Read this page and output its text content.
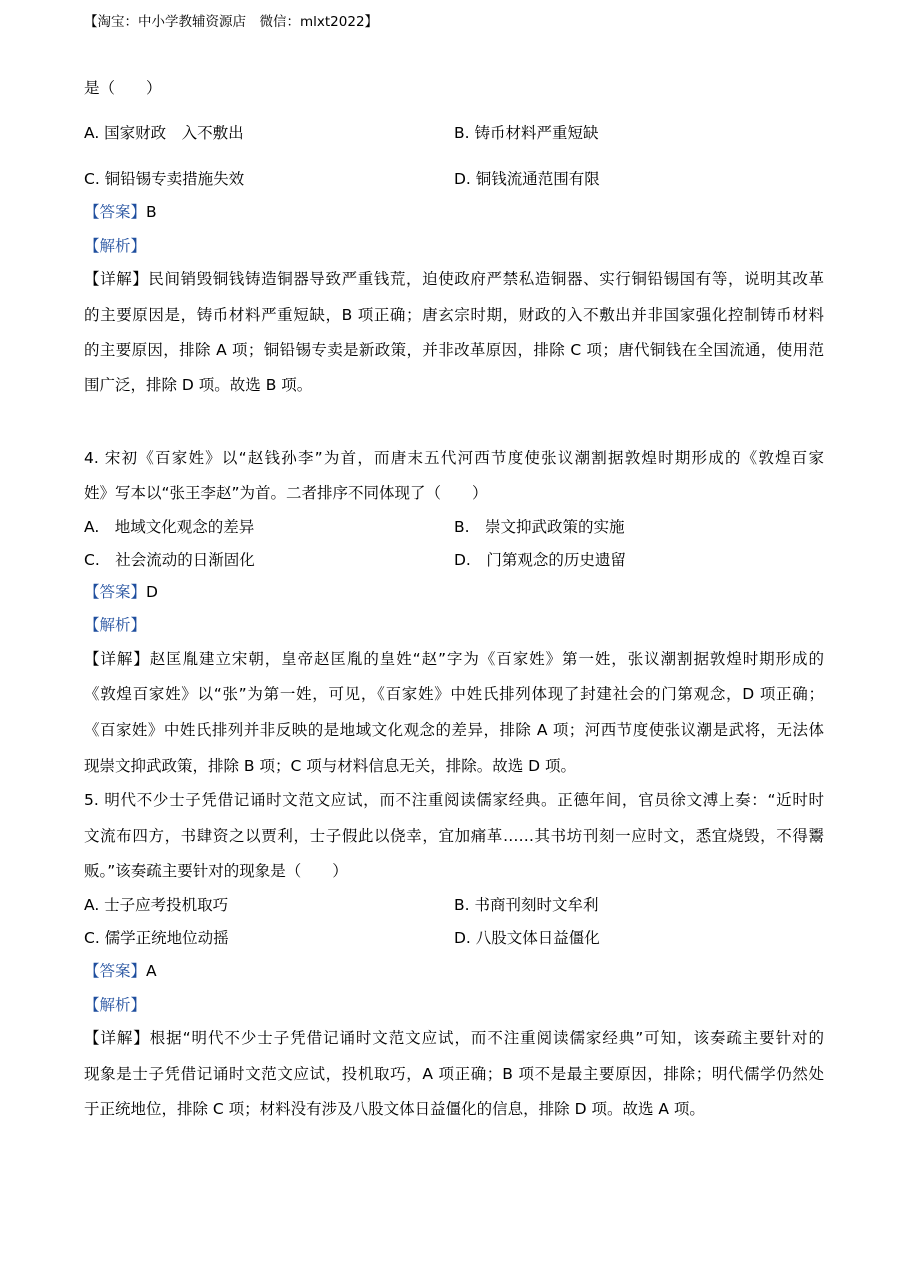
【淘宝：中小学教辅资源店　微信：mlxt2022】
是（　　）
A. 国家财政　入不敷出	B. 铸币材料严重短缺
C. 铜铅锡专卖措施失效	D. 铜钱流通范围有限
【答案】B
【解析】
【详解】民间销毁铜钱铸造铜器导致严重钱荒，迫使政府严禁私造铜器、实行铜铅锡国有等，说明其改革
的主要原因是，铸币材料严重短缺，B 项正确；唐玄宗时期，财政的入不敷出并非国家强化控制铸币材料
的主要原因，排除 A 项；铜铅锡专卖是新政策，并非改革原因，排除 C 项；唐代铜钱在全国流通，使用范
围广泛，排除 D 项。故选 B 项。
4. 宋初《百家姓》以“赵钱孙李”为首，而唐末五代河西节度使张议潮割据敦煌时期形成的《敦煌百家
姓》写本以“张王李赵”为首。二者排序不同体现了（　　）
A.　地域文化观念的差异	B.　崇文抑武政策的实施
C.　社会流动的日渐固化	D.　门第观念的历史遗留
【答案】D
【解析】
【详解】赵匡胤建立宋朝，皇帝赵匡胤的皇姓“赵”字为《百家姓》第一姓，张议潮割据敦煌时期形成的
《敦煌百家姓》以“张”为第一姓，可见，《百家姓》中姓氏排列体现了封建社会的门第观念，D 项正确；
《百家姓》中姓氏排列并非反映的是地域文化观念的差异，排除 A 项；河西节度使张议潮是武将，无法体
现崇文抑武政策，排除 B 项；C 项与材料信息无关，排除。故选 D 项。
5. 明代不少士子凭借记诵时文范文应试，而不注重阅读儒家经典。正德年间，官员徐文溥上奏：“近时时
文流布四方，书肆资之以贾利，士子假此以侥幸，宜加痛革……其书坊刊刻一应时文，悉宜烧毁，不得鬻
贩。”该奏疏主要针对的现象是（　　）
A. 士子应考投机取巧	B. 书商刊刻时文牟利
C. 儒学正统地位动摇	D. 八股文体日益僵化
【答案】A
【解析】
【详解】根据“明代不少士子凭借记诵时文范文应试，而不注重阅读儒家经典”可知，该奏疏主要针对的
现象是士子凭借记诵时文范文应试，投机取巧，A 项正确；B 项不是最主要原因，排除；明代儒学仍然处
于正统地位，排除 C 项；材料没有涉及八股文体日益僵化的信息，排除 D 项。故选 A 项。
